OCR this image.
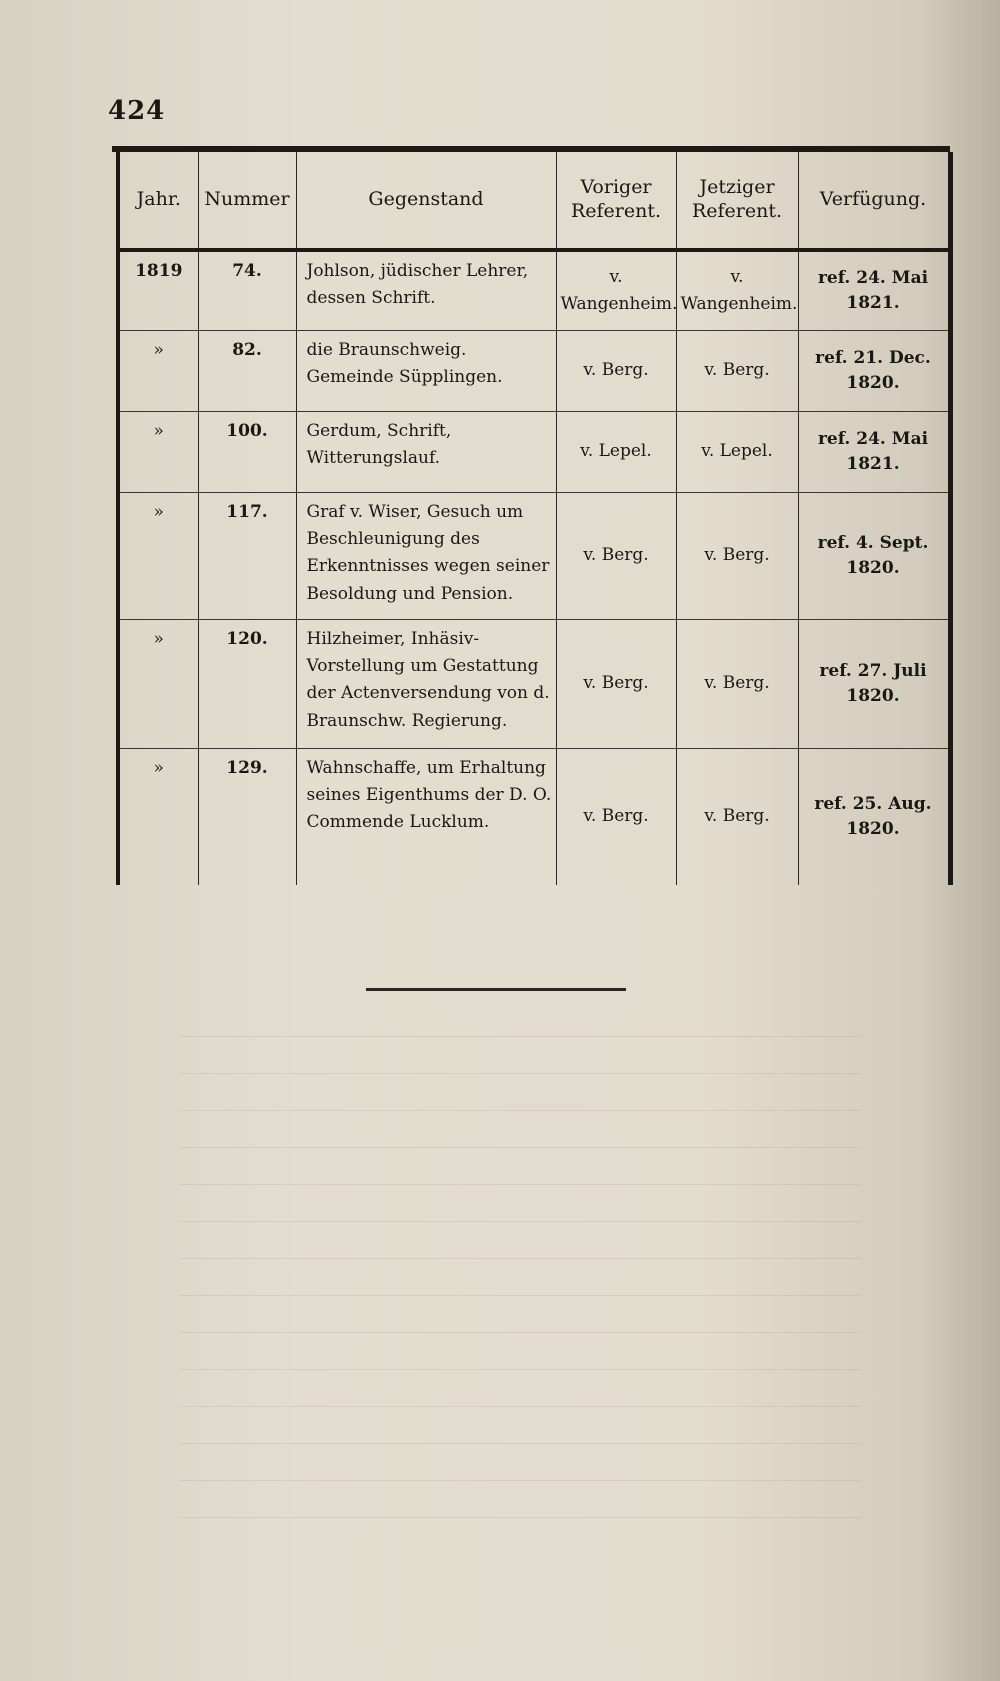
424
Jahr.	Nummer	Gegenstand	Voriger Referent.	Jetziger Referent.	Verfügung.
1819	74.	Johlson, jüdischer Lehrer, dessen Schrift.	v. Wangenheim.	v. Wangenheim.	ref. 24. Mai 1821.
»	82.	die Braunschweig. Gemeinde Süpplingen.	v. Berg.	v. Berg.	ref. 21. Dec. 1820.
»	100.	Gerdum, Schrift, Witterungslauf.	v. Lepel.	v. Lepel.	ref. 24. Mai 1821.
»	117.	Graf v. Wiser, Gesuch um Beschleunigung des Erkenntnisses wegen seiner Besoldung und Pension.	v. Berg.	v. Berg.	ref. 4. Sept. 1820.
»	120.	Hilzheimer, Inhäsiv-Vorstellung um Gestattung der Actenversendung von d. Braunschw. Regierung.	v. Berg.	v. Berg.	ref. 27. Juli 1820.
»	129.	Wahnschaffe, um Erhaltung seines Eigenthums der D. O. Commende Lucklum.	v. Berg.	v. Berg.	ref. 25. Aug. 1820.
